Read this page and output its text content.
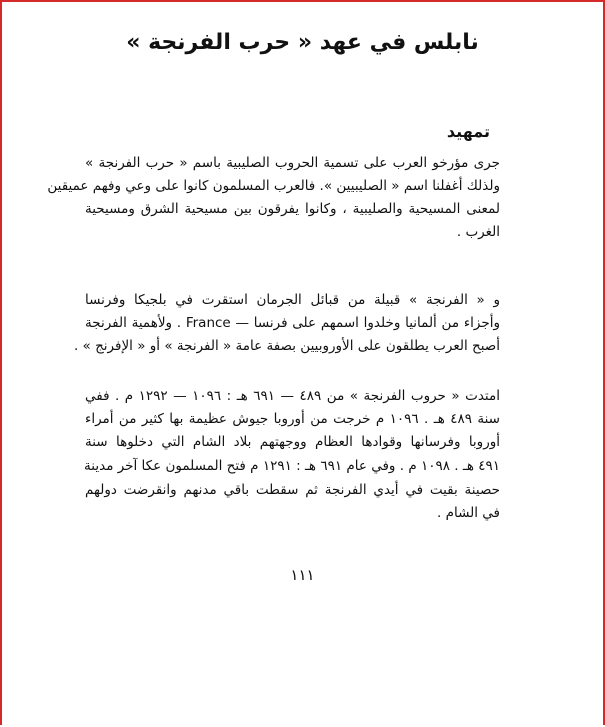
نابلس في عهد « حرب الفرنجة »
تمهيد
جرى مؤرخو العرب على تسمية الحروب الصليبية باسم « حرب الفرنجة »
ولذلك أغفلنا اسم « الصليبيين ». فالعرب المسلمون كانوا على وعي وفهم عميقين
لمعنى المسيحية والصليبية ، وكانوا يفرقون بين مسيحية الشرق ومسيحية
الغرب .
و « الفرنجة » قبيلة من قبائل الجرمان استقرت في بلجيكا وفرنسا
وأجزاء من ألمانيا وخلدوا اسمهم على فرنسا — France . ولأهمية الفرنجة
أصبح العرب يطلقون على الأوروبيين بصفة عامة « الفرنجة » أو « الإفرنج » .
امتدت « حروب الفرنجة » من ٤٨٩ — ٦٩١ هـ : ١٠٩٦ — ١٢٩٢ م . ففي
سنة ٤٨٩ هـ . ١٠٩٦ م خرجت من أوروبا جيوش عظيمة بها كثير من أمراء
أوروبا وفرسانها وقوادها العظام ووجهتهم بلاد الشام التي دخلوها سنة
٤٩١ هـ . ١٠٩٨ م . وفي عام ٦٩١ هـ : ١٢٩١ م فتح المسلمون عكا آخر مدينة
حصينة بقيت في أيدي الفرنجة ثم سقطت باقي مدنهم وانقرضت دولهم
في الشام .
١١١
